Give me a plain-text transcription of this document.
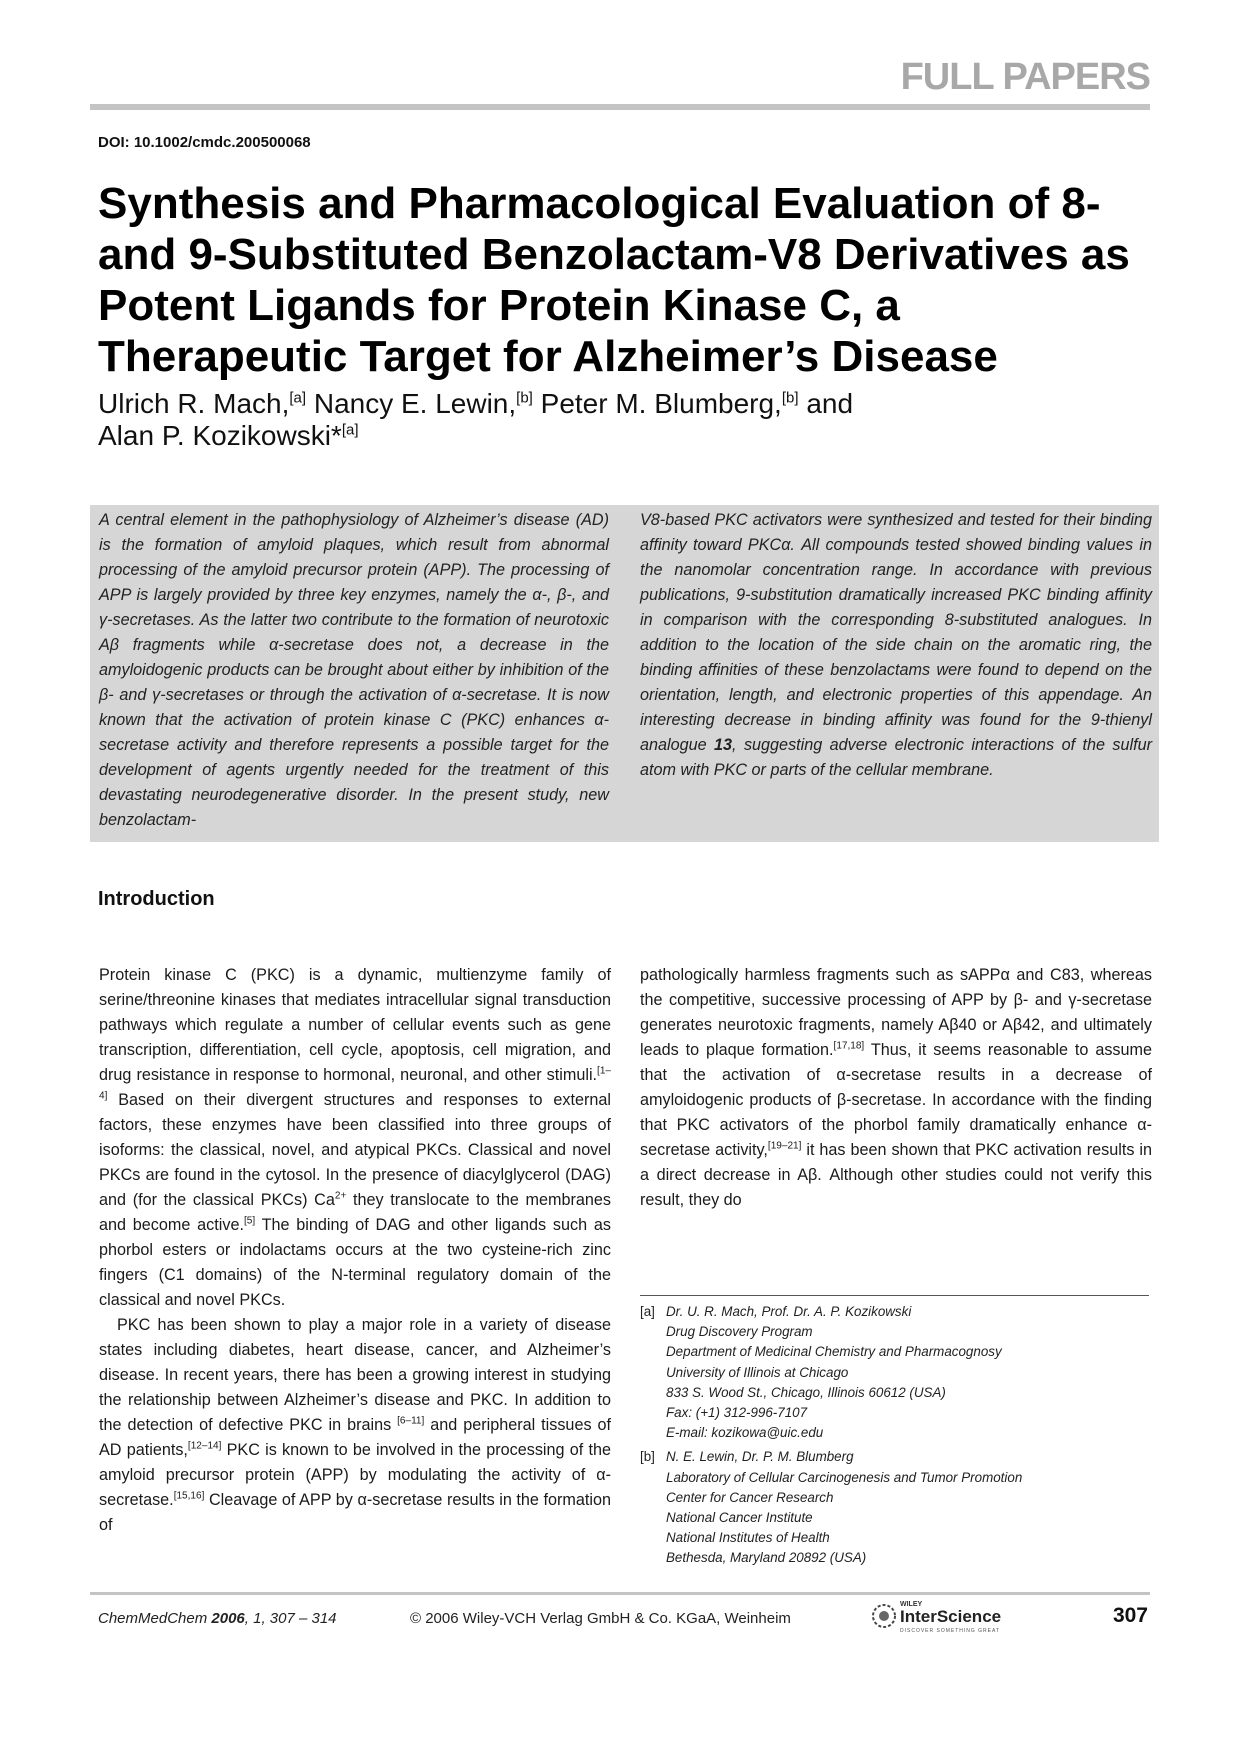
FULL PAPERS
DOI: 10.1002/cmdc.200500068
Synthesis and Pharmacological Evaluation of 8- and 9-Substituted Benzolactam-V8 Derivatives as Potent Ligands for Protein Kinase C, a Therapeutic Target for Alzheimer’s Disease
Ulrich R. Mach,[a] Nancy E. Lewin,[b] Peter M. Blumberg,[b] and
Alan P. Kozikowski*[a]
A central element in the pathophysiology of Alzheimer’s disease (AD) is the formation of amyloid plaques, which result from abnormal processing of the amyloid precursor protein (APP). The processing of APP is largely provided by three key enzymes, namely the α-, β-, and γ-secretases. As the latter two contribute to the formation of neurotoxic Aβ fragments while α-secretase does not, a decrease in the amyloidogenic products can be brought about either by inhibition of the β- and γ-secretases or through the activation of α-secretase. It is now known that the activation of protein kinase C (PKC) enhances α-secretase activity and therefore represents a possible target for the development of agents urgently needed for the treatment of this devastating neurodegenerative disorder. In the present study, new benzolactam-
V8-based PKC activators were synthesized and tested for their binding affinity toward PKCα. All compounds tested showed binding values in the nanomolar concentration range. In accordance with previous publications, 9-substitution dramatically increased PKC binding affinity in comparison with the corresponding 8-substituted analogues. In addition to the location of the side chain on the aromatic ring, the binding affinities of these benzolactams were found to depend on the orientation, length, and electronic properties of this appendage. An interesting decrease in binding affinity was found for the 9-thienyl analogue 13, suggesting adverse electronic interactions of the sulfur atom with PKC or parts of the cellular membrane.
Introduction

Protein kinase C (PKC) is a dynamic, multienzyme family of serine/threonine kinases that mediates intracellular signal transduction pathways which regulate a number of cellular events such as gene transcription, differentiation, cell cycle, apoptosis, cell migration, and drug resistance in response to hormonal, neuronal, and other stimuli.[1–4] Based on their divergent structures and responses to external factors, these enzymes have been classified into three groups of isoforms: the classical, novel, and atypical PKCs. Classical and novel PKCs are found in the cytosol. In the presence of diacylglycerol (DAG) and (for the classical PKCs) $Ca^{2+}$ they translocate to the membranes and become active.[5] The binding of DAG and other ligands such as phorbol esters or indolactams occurs at the two cysteine-rich zinc fingers (C1 domains) of the N-terminal regulatory domain of the classical and novel PKCs.

PKC has been shown to play a major role in a variety of disease states including diabetes, heart disease, cancer, and Alzheimer’s disease. In recent years, there has been a growing interest in studying the relationship between Alzheimer’s disease and PKC. In addition to the detection of defective PKC in brains [6–11] and peripheral tissues of AD patients,[12–14] PKC is known to be involved in the processing of the amyloid precursor protein (APP) by modulating the activity of α-secretase.[15,16] Cleavage of APP by α-secretase results in the formation of

pathologically harmless fragments such as sAPPα and C83, whereas the competitive, successive processing of APP by β- and γ-secretase generates neurotoxic fragments, namely Aβ40 or Aβ42, and ultimately leads to plaque formation.[17,18] Thus, it seems reasonable to assume that the activation of α-secretase results in a decrease of amyloidogenic products of β-secretase. In accordance with the finding that PKC activators of the phorbol family dramatically enhance α-secretase activity,[19–21] it has been shown that PKC activation results in a direct decrease in Aβ. Although other studies could not verify this result, they do

[a] Dr. U. R. Mach, Prof. Dr. A. P. Kozikowski
Drug Discovery Program
Department of Medicinal Chemistry and Pharmacognosy
University of Illinois at Chicago
833 S. Wood St., Chicago, Illinois 60612 (USA)
Fax: (+1) 312-996-7107
E-mail: kozikowa@uic.edu
[b] N. E. Lewin, Dr. P. M. Blumberg
Laboratory of Cellular Carcinogenesis and Tumor Promotion
Center for Cancer Research
National Cancer Institute
National Institutes of Health
Bethesda, Maryland 20892 (USA)
ChemMedChem 2006, 1, 307 – 314	© 2006 Wiley-VCH Verlag GmbH & Co. KGaA, Weinheim
WILEY
InterScience
DISCOVER SOMETHING GREAT
307
